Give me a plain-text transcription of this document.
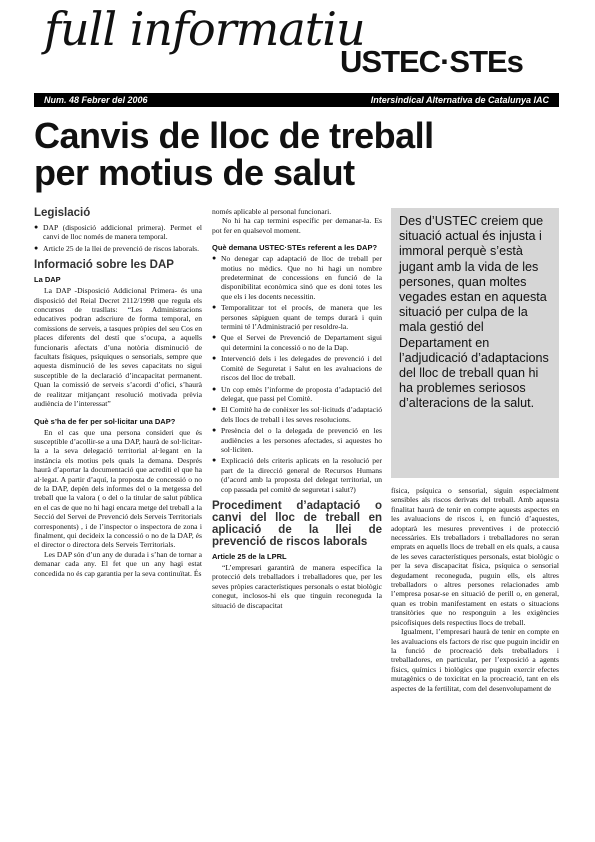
full informatiu
USTEC·STEs
Num. 48 Febrer del 2006	Intersindical Alternativa de Catalunya IAC
Canvis de lloc de treball per motius de salut
Des d’USTEC creiem que situació actual és injusta i immoral perquè s’està jugant amb la vida de les persones, quan moltes vegades estan en aquesta situació per culpa de la mala gestió del Departament en l’adjudicació d’adaptacions del lloc de treball quan hi ha problemes seriosos d’alteracions de la salut.
Legislació
● DAP (disposició addicional primera). Permet el canvi de lloc només de manera temporal.
● Article 25 de la llei de prevenció de riscos laborals.
Informació sobre les DAP
La DAP

La DAP -Disposició Addicional Primera- és una disposició del Reial Decret 2112/1998 que regula els concursos de trasllats: “Les Administracions educatives podran adscriure de forma temporal, en comissions de serveis, a tasques pròpies del seu Cos en places diferents del destí que s’ocupa, a aquells funcionaris afectats d’una notòria disminució de facultats físiques, psíquiques o sensorials, sempre que aquesta disminució de les seves capacitats no sigui susceptible de la declaració d’incapacitat permanent. Quan la comissió de serveis s’acordi d’ofici, s’haurà de realitzar mitjançant resolució motivada prèvia audiència de l’interessat”

Què s’ha de fer per sol·licitar una DAP?

En el cas que una persona consideri que és susceptible d’acollir-se a una DAP, haurà de sol·licitar-la a la seva delegació territorial al·legant en la instància els motius pels quals la demana. Després haurà d’aportar la documentació que acrediti el que ha al·legat. A partir d’aquí, la proposta de concessió o no de la DAP, depèn dels informes del o la metgessa del treball que la valora ( o del o la titular de salut pública en el cas de que no hi hagi encara metge del treball a la Secció del Servei de Prevenció dels Serveis Territorials corresponents) , i de l’inspector o inspectora de zona i finalment, qui decideix la concessió o no de la DAP, és el director o directora dels Serveis Territorials.

Les DAP són d’un any de durada i s’han de tornar a demanar cada any. El fet que un any hagi estat concedida no és cap garantia per la seva continuïtat. És

només aplicable al personal funcionari.

No hi ha cap termini específic per demanar-la. Es pot fer en qualsevol moment.

Què demana USTEC·STEs referent a les DAP?
● No denegar cap adaptació de lloc de treball per motius no mèdics. Que no hi hagi un nombre predeterminat de concessions en funció de la disponibilitat econòmica sinó que es doni totes les que els i les docents necessitin.
● Temporalitzar tot el procés, de manera que les persones sàpiguen quant de temps durarà i quin termini té l’Administració per resoldre-la.
● Que el Servei de Prevenció de Departament sigui qui determini la concessió o no de la Dap.
● Intervenció dels i les delegades de prevenció i del Comitè de Seguretat i Salut en les avaluacions de riscos del lloc de treball.
● Un cop emès l’informe de proposta d’adaptació del delegat, que passi pel Comitè.
● El Comitè ha de conèixer les sol·licituds d’adaptació dels llocs de treball i les seves resolucions.
● Presència del o la delegada de prevenció en les audiències a les persones afectades, si aquestes ho sol·liciten.
● Explicació dels criteris aplicats en la resolució per part de la direcció general de Recursos Humans (d’acord amb la proposta del delegat territorial, un cop passada pel comitè de seguretat i salut?)
Procediment d’adaptació o canvi del lloc de treball en aplicació de la llei de prevenció de riscos laborals
Article 25 de la LPRL

“L’empresari garantirà de manera específica la protecció dels treballadors i treballadores que, per les seves pròpies característiques personals o estat biològic conegut, inclosos-hi els que tinguin reconeguda la situació de discapacitat

física, psíquica o sensorial, siguin especialment sensibles als riscos derivats del treball. Amb aquesta finalitat haurà de tenir en compte aquests aspectes en les avaluacions de riscos i, en funció d’aquestes, adoptarà les mesures preventives i de protecció necessàries. Els treballadors i treballadores no seran emprats en aquells llocs de treball en els quals, a causa de les seves característiques personals, estat biològic o per la seva discapacitat física, psíquica o sensorial degudament reconeguda, puguin ells, els altres treballadors o altres persones relacionades amb l’empresa posar-se en situació de perill o, en general, quan es trobin manifestament en estats o situacions transitòries que no responguin a les exigències psicofísiques dels respectius llocs de treball.

Igualment, l’empresari haurà de tenir en compte en les avaluacions els factors de risc que puguin incidir en la funció de procreació dels treballadors i treballadores, en particular, per l’exposició a agents físics, químics i biològics que puguin exercir efectes mutagènics o de toxicitat en la procreació, tant en els aspectes de la fertilitat, com del desenvolupament de
